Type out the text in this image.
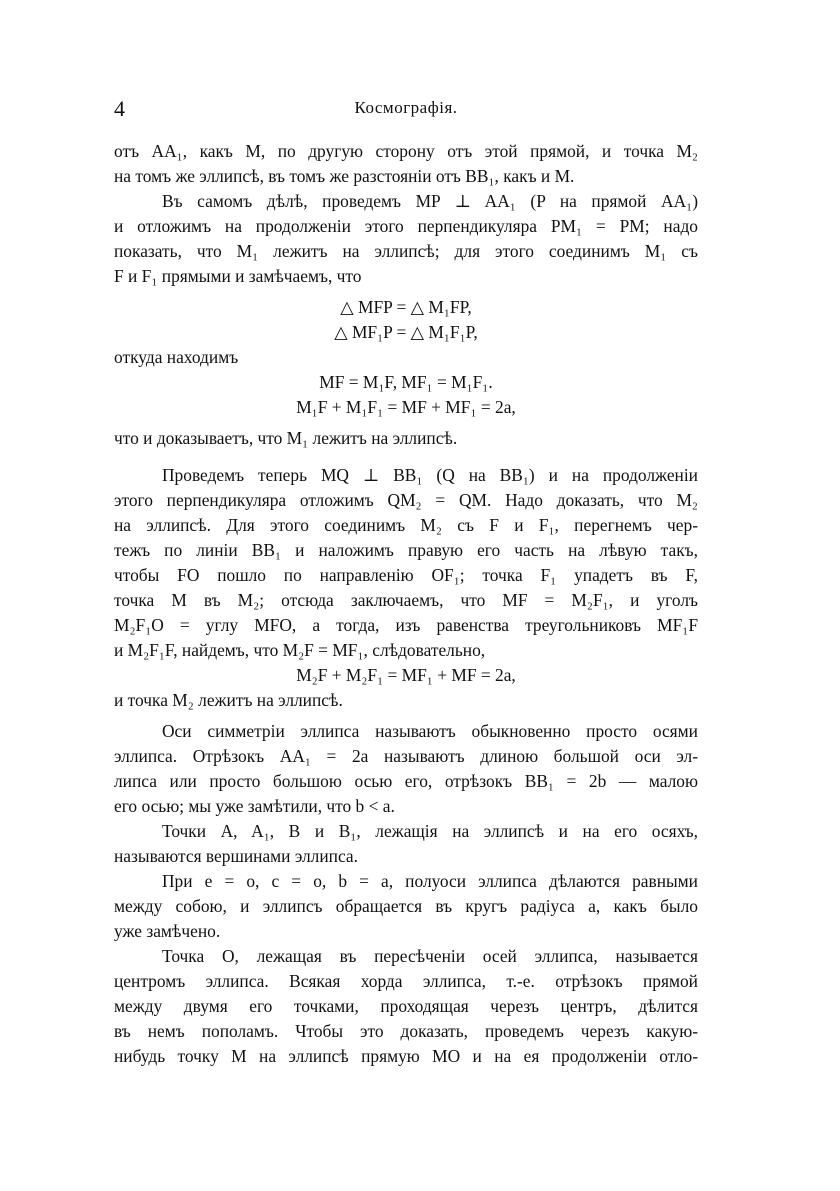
4	Космографія.
отъ AA₁, какъ M, по другую сторону отъ этой прямой, и точка M₂
на томъ же эллипсѣ, въ томъ же разстояніи отъ BB₁, какъ и M.
Въ самомъ дѣлѣ, проведемъ MP ⊥ AA₁ (P на прямой AA₁)
и отложимъ на продолженіи этого перпендикуляра PM₁ = PM; надо
показать, что M₁ лежитъ на эллипсѣ; для этого соединимъ M₁ съ
F и F₁ прямыми и замѣчаемъ, что
△ MFP = △ M₁FP,
△ MF₁P = △ M₁F₁P,
откуда находимъ
MF = M₁F, MF₁ = M₁F₁.
M₁F + M₁F₁ = MF + MF₁ = 2a,
что и доказываетъ, что M₁ лежитъ на эллипсѣ.
Проведемъ теперь MQ ⊥ BB₁ (Q на BB₁) и на продолженіи
этого перпендикуляра отложимъ QM₂ = QM. Надо доказать, что M₂
на эллипсѣ. Для этого соединимъ M₂ съ F и F₁, перегнемъ чер-
тежъ по линіи BB₁ и наложимъ правую его часть на лѣвую такъ,
чтобы FO пошло по направленію OF₁; точка F₁ упадетъ въ F,
точка M въ M₂; отсюда заключаемъ, что MF = M₂F₁, и уголъ
M₂F₁O = углу MFO, а тогда, изъ равенства треугольниковъ MF₁F
и M₂F₁F, найдемъ, что M₂F = MF₁, слѣдовательно,
M₂F + M₂F₁ = MF₁ + MF = 2a,
и точка M₂ лежитъ на эллипсѣ.
Оси симметріи эллипса называютъ обыкновенно просто осями
эллипса. Отрѣзокъ AA₁ = 2a называютъ длиною большой оси эл-
липса или просто большою осью его, отрѣзокъ BB₁ = 2b — малою
его осью; мы уже замѣтили, что b < a.
Точки A, A₁, B и B₁, лежащія на эллипсѣ и на его осяхъ,
называются вершинами эллипса.
При e = o, c = o, b = a, полуоси эллипса дѣлаются равными
между собою, и эллипсъ обращается въ кругъ радіуса a, какъ было
уже замѣчено.
Точка O, лежащая въ пересѣченіи осей эллипса, называется
центромъ эллипса. Всякая хорда эллипса, т.-е. отрѣзокъ прямой
между двумя его точками, проходящая черезъ центръ, дѣлится
въ немъ пополамъ. Чтобы это доказать, проведемъ черезъ какую-
нибудь точку M на эллипсѣ прямую MO и на ея продолженіи отло-
